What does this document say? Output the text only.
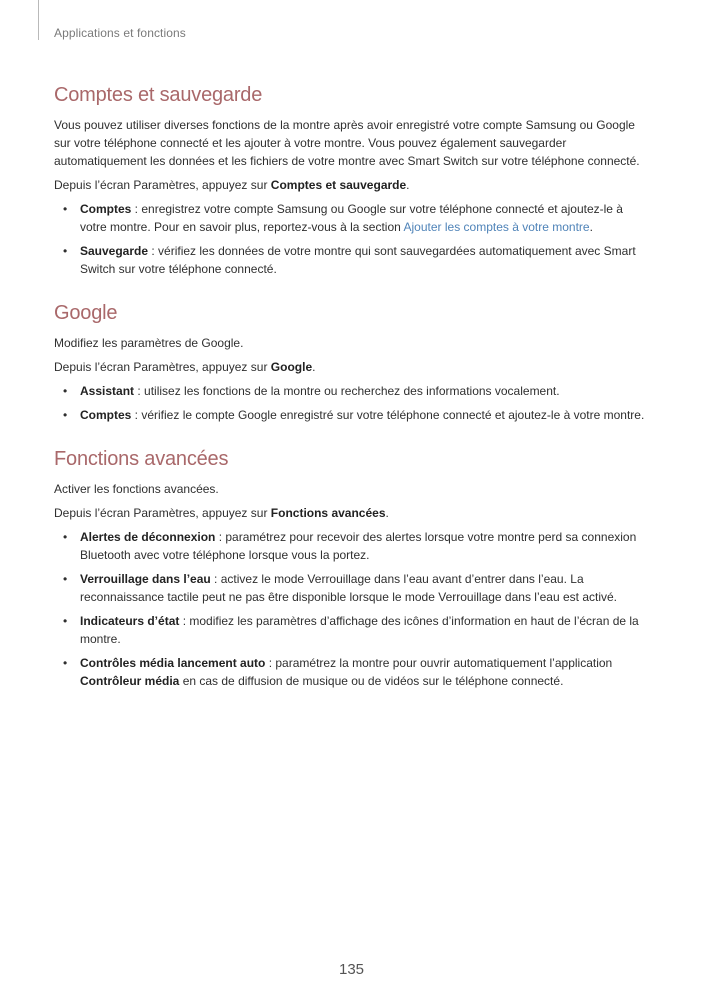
Applications et fonctions
Comptes et sauvegarde

Vous pouvez utiliser diverses fonctions de la montre après avoir enregistré votre compte Samsung ou Google sur votre téléphone connecté et les ajouter à votre montre. Vous pouvez également sauvegarder automatiquement les données et les fichiers de votre montre avec Smart Switch sur votre téléphone connecté.

Depuis l’écran Paramètres, appuyez sur Comptes et sauvegarde.

• Comptes : enregistrez votre compte Samsung ou Google sur votre téléphone connecté et ajoutez-le à votre montre. Pour en savoir plus, reportez-vous à la section Ajouter les comptes à votre montre.
• Sauvegarde : vérifiez les données de votre montre qui sont sauvegardées automatiquement avec Smart Switch sur votre téléphone connecté.
Google

Modifiez les paramètres de Google.

Depuis l’écran Paramètres, appuyez sur Google.

• Assistant : utilisez les fonctions de la montre ou recherchez des informations vocalement.
• Comptes : vérifiez le compte Google enregistré sur votre téléphone connecté et ajoutez-le à votre montre.
Fonctions avancées

Activer les fonctions avancées.

Depuis l’écran Paramètres, appuyez sur Fonctions avancées.

• Alertes de déconnexion : paramétrez pour recevoir des alertes lorsque votre montre perd sa connexion Bluetooth avec votre téléphone lorsque vous la portez.
• Verrouillage dans l’eau : activez le mode Verrouillage dans l’eau avant d’entrer dans l’eau. La reconnaissance tactile peut ne pas être disponible lorsque le mode Verrouillage dans l’eau est activé.
• Indicateurs d’état : modifiez les paramètres d’affichage des icônes d’information en haut de l’écran de la montre.
• Contrôles média lancement auto : paramétrez la montre pour ouvrir automatiquement l’application Contrôleur média en cas de diffusion de musique ou de vidéos sur le téléphone connecté.
135
